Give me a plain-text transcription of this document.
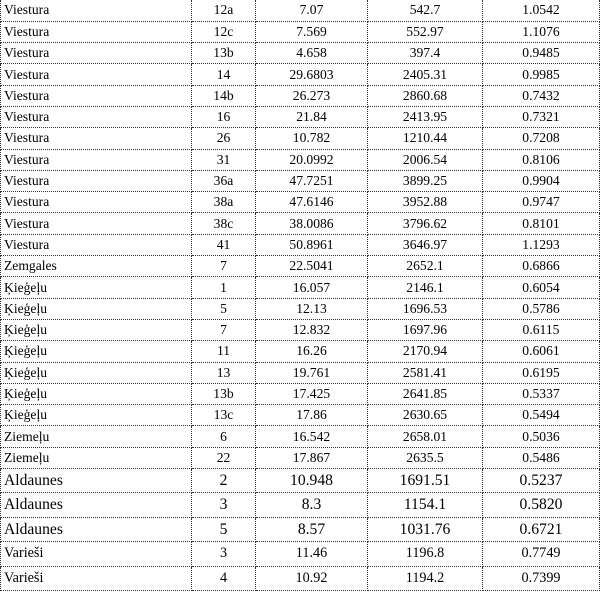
Viestura	12a	7.07	542.7	1.0542
Viestura	12c	7.569	552.97	1.1076
Viestura	13b	4.658	397.4	0.9485
Viestura	14	29.6803	2405.31	0.9985
Viestura	14b	26.273	2860.68	0.7432
Viestura	16	21.84	2413.95	0.7321
Viestura	26	10.782	1210.44	0.7208
Viestura	31	20.0992	2006.54	0.8106
Viestura	36a	47.7251	3899.25	0.9904
Viestura	38a	47.6146	3952.88	0.9747
Viestura	38c	38.0086	3796.62	0.8101
Viestura	41	50.8961	3646.97	1.1293
Zemgales	7	22.5041	2652.1	0.6866
Ķieģeļu	1	16.057	2146.1	0.6054
Ķieģeļu	5	12.13	1696.53	0.5786
Ķieģeļu	7	12.832	1697.96	0.6115
Ķieģeļu	11	16.26	2170.94	0.6061
Ķieģeļu	13	19.761	2581.41	0.6195
Ķieģeļu	13b	17.425	2641.85	0.5337
Ķieģeļu	13c	17.86	2630.65	0.5494
Ziemeļu	6	16.542	2658.01	0.5036
Ziemeļu	22	17.867	2635.5	0.5486
Aldaunes	2	10.948	1691.51	0.5237
Aldaunes	3	8.3	1154.1	0.5820
Aldaunes	5	8.57	1031.76	0.6721
Varieši	3	11.46	1196.8	0.7749
Varieši	4	10.92	1194.2	0.7399
